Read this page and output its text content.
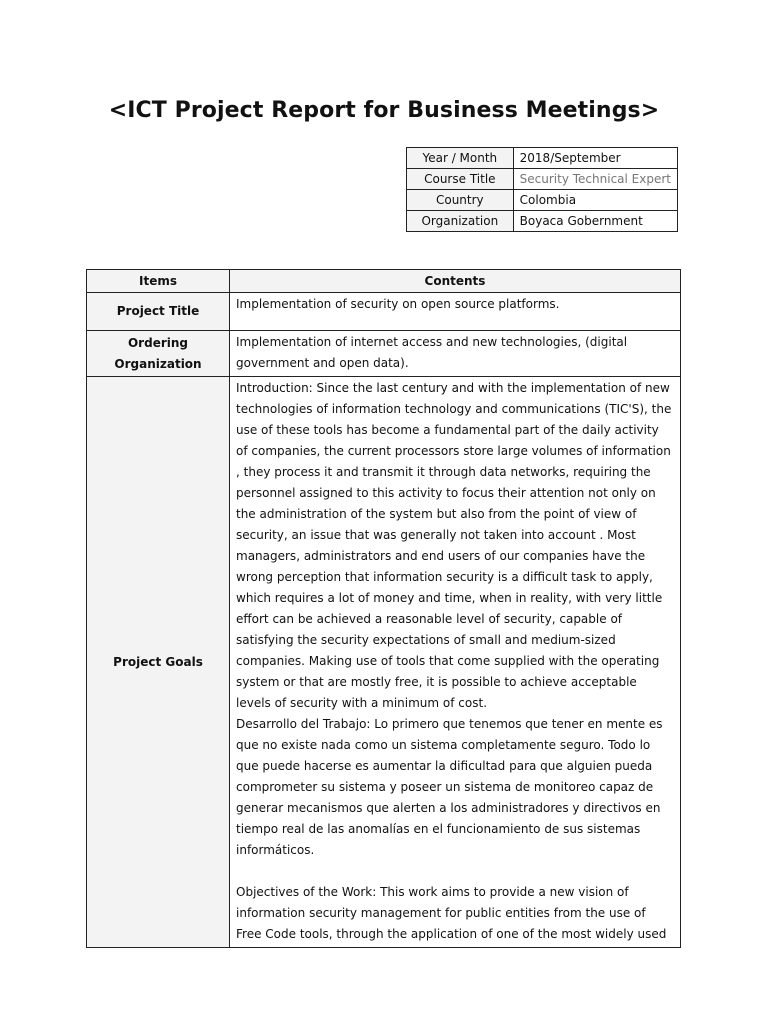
<ICT Project Report for Business Meetings>
Year / Month	2018/September
Course Title	Security Technical Expert
Country	Colombia
Organization	Boyaca Gobernment
Items	Contents
Project Title	Implementation of security on open source platforms.
Ordering Organization	Implementation of internet access and new technologies, (digital government and open data).
Project Goals	Introduction: Since the last century and with the implementation of new technologies of information technology and communications (TIC'S), the use of these tools has become a fundamental part of the daily activity of companies, the current processors store large volumes of information , they process it and transmit it through data networks, requiring the personnel assigned to this activity to focus their attention not only on the administration of the system but also from the point of view of security, an issue that was generally not taken into account . Most managers, administrators and end users of our companies have the wrong perception that information security is a difficult task to apply, which requires a lot of money and time, when in reality, with very little effort can be achieved a reasonable level of security, capable of satisfying the security expectations of small and medium-sized companies. Making use of tools that come supplied with the operating system or that are mostly free, it is possible to achieve acceptable levels of security with a minimum of cost.

Desarrollo del Trabajo: Lo primero que tenemos que tener en mente es que no existe nada como un sistema completamente seguro. Todo lo que puede hacerse es aumentar la dificultad para que alguien pueda comprometer su sistema y poseer un sistema de monitoreo capaz de generar mecanismos que alerten a los administradores y directivos en tiempo real de las anomalías en el funcionamiento de sus sistemas informáticos.

Objectives of the Work: This work aims to provide a new vision of information security management for public entities from the use of Free Code tools, through the application of one of the most widely used
